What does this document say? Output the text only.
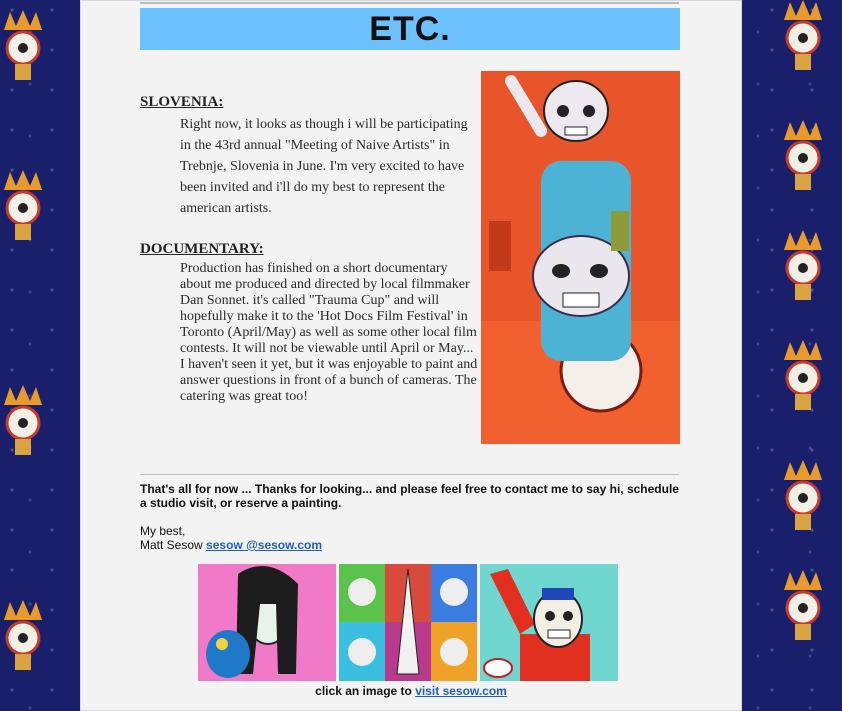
ETC.
SLOVENIA:
Right now, it looks as though i will be participating in the 43rd annual "Meeting of Naive Artists" in Trebnje, Slovenia in June. I'm very excited to have been invited and i'll do my best to represent the american artists.
DOCUMENTARY:
Production has finished on a short documentary about me produced and directed by local filmmaker Dan Sonnet. it's called "Trauma Cup" and will hopefully make it to the 'Hot Docs Film Festival' in Toronto (April/May) as well as some other local film contests. It will not be viewable until April or May... I haven't seen it yet, but it was enjoyable to paint and answer questions in front of a bunch of cameras. The catering was great too!
That's all for now ... Thanks for looking... and please feel free to contact me to say hi, schedule a studio visit, or reserve a painting.
My best,
Matt Sesow sesow @sesow.com
click an image to visit sesow.com
